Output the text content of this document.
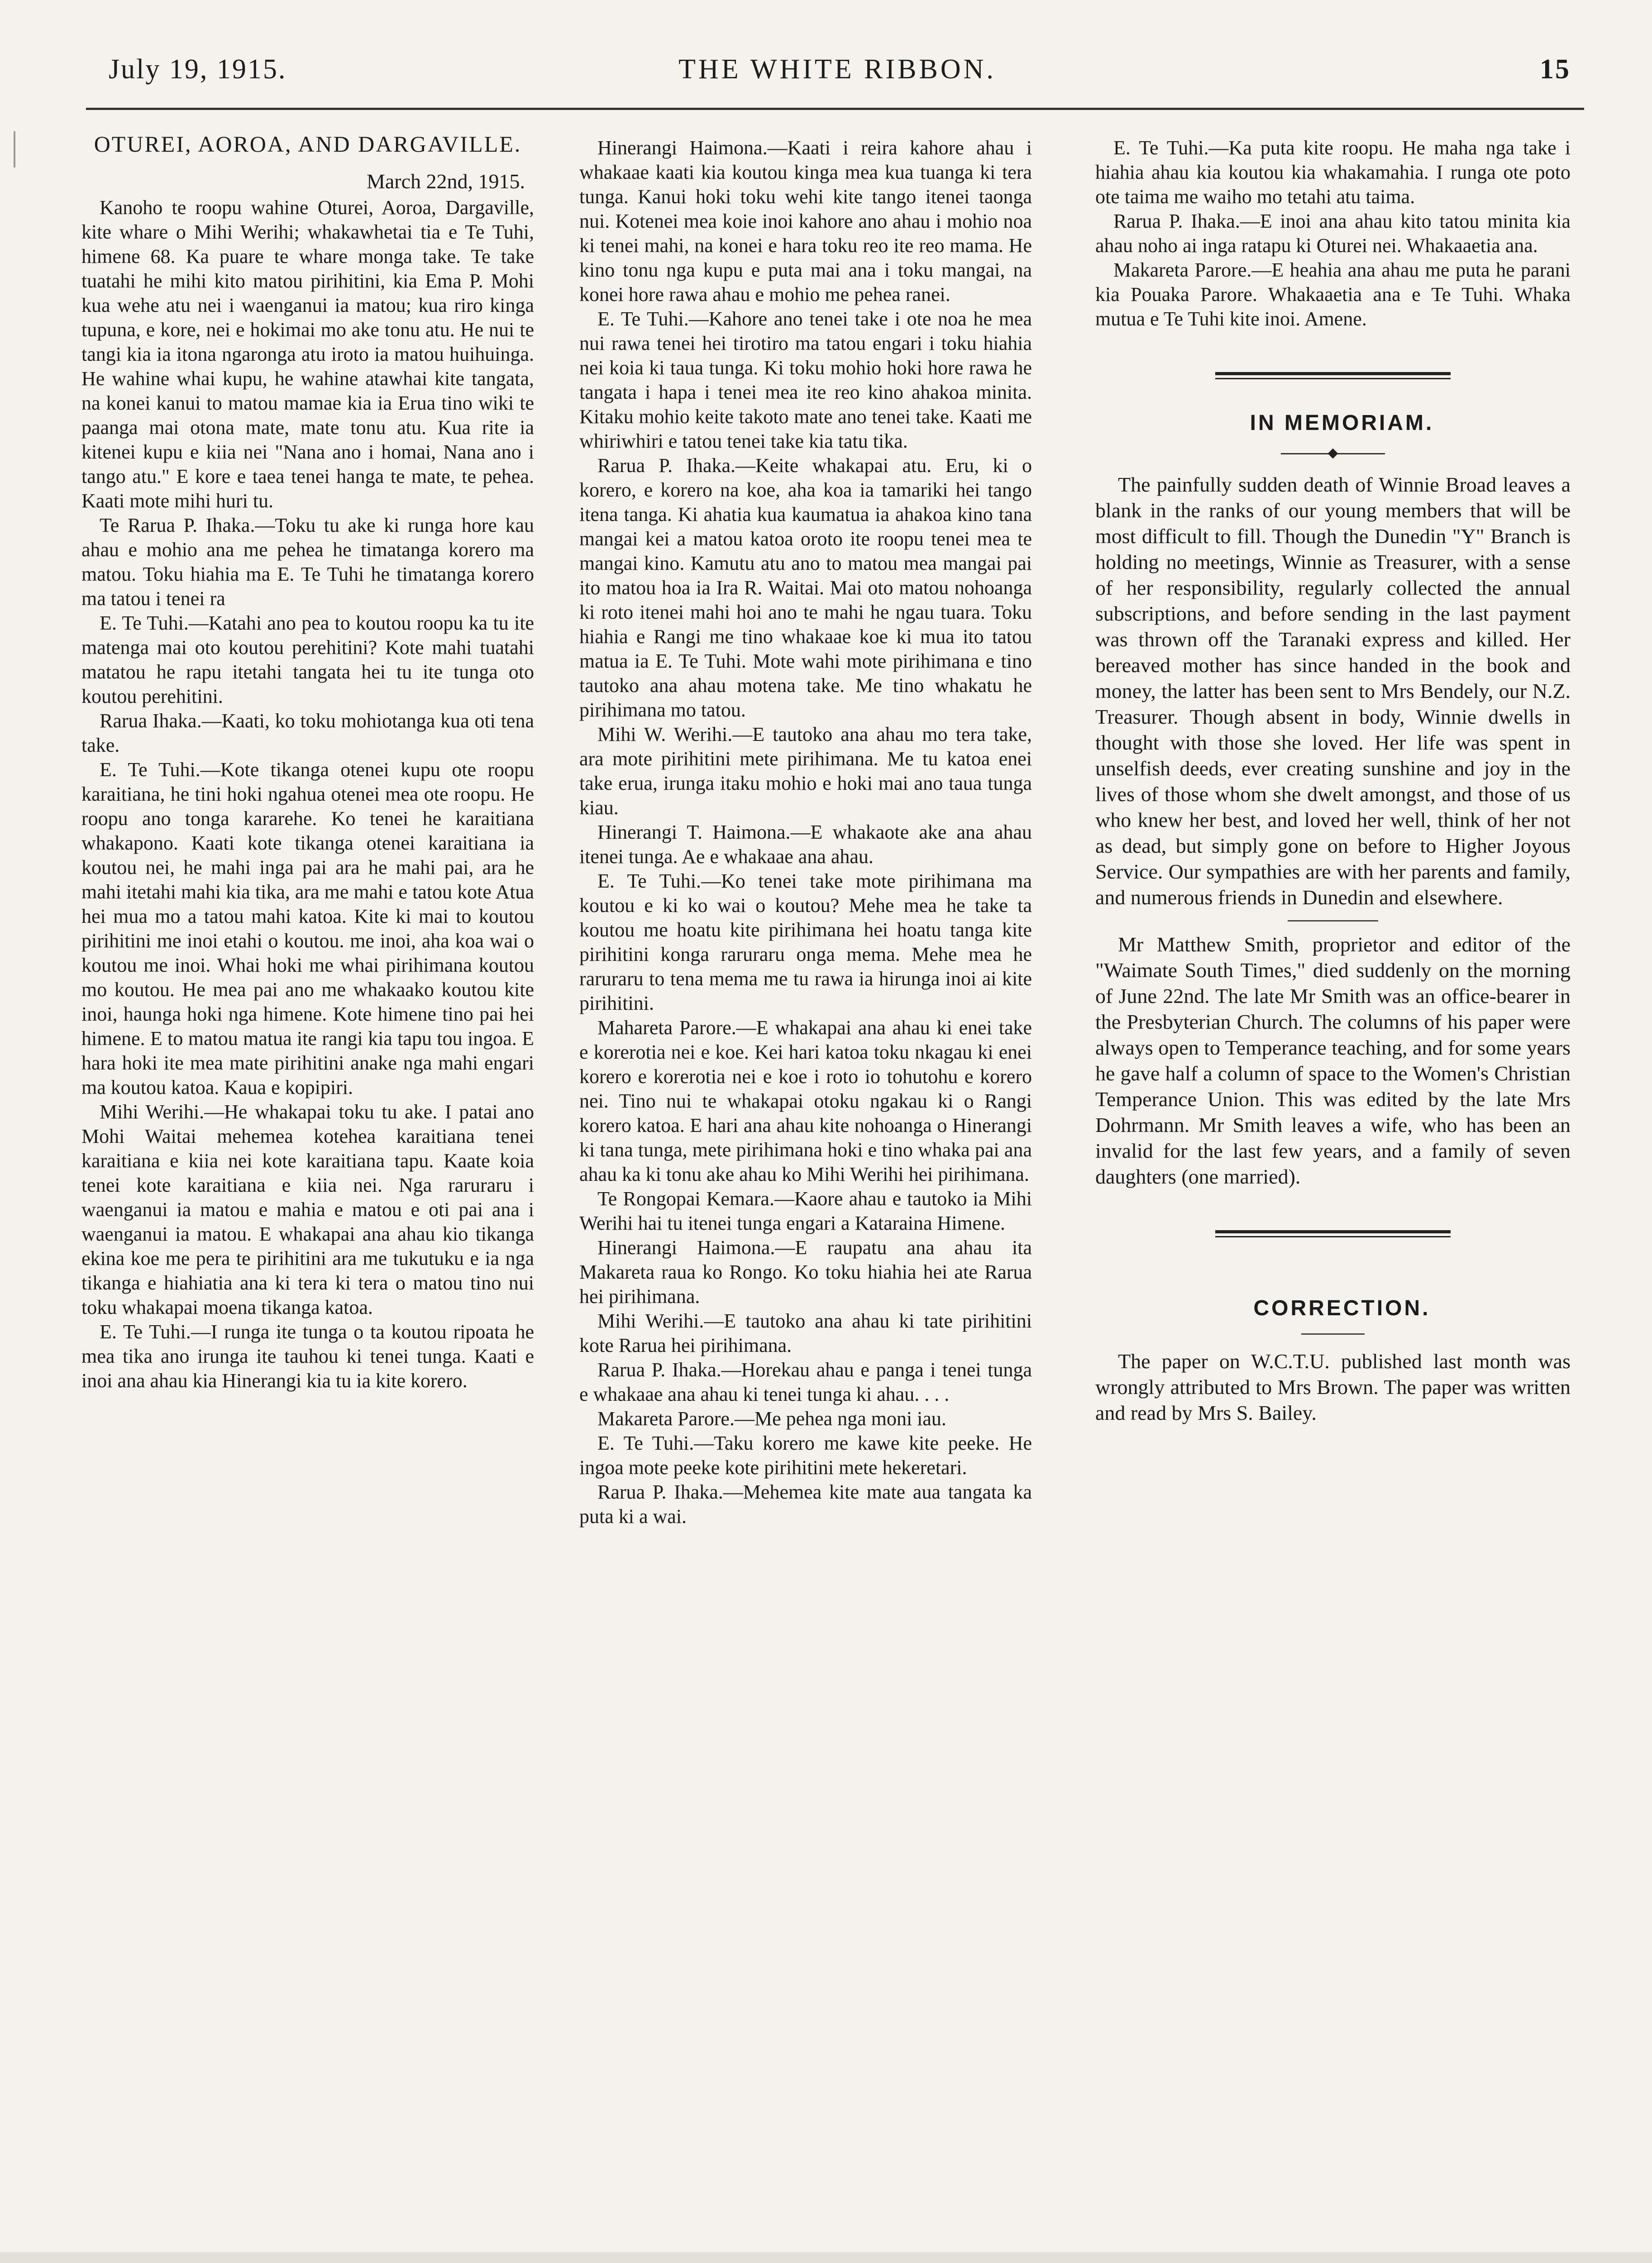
July 19, 1915.	THE WHITE RIBBON.	15

OTUREI, AOROA, AND DARGAVILLE.

March 22nd, 1915.

Kanoho te roopu wahine Oturei, Aoroa, Dargaville, kite whare o Mihi Werihi; whakawhetai tia e Te Tuhi, himene 68. Ka puare te whare monga take. Te take tuatahi he mihi kito matou pirihitini, kia Ema P. Mohi kua wehe atu nei i waenganui ia matou; kua riro kinga tupuna, e kore, nei e hokimai mo ake tonu atu. He nui te tangi kia ia itona ngaronga atu iroto ia matou huihuinga. He wahine whai kupu, he wahine atawhai kite tangata, na konei kanui to matou mamae kia ia Erua tino wiki te paanga mai otona mate, mate tonu atu. Kua rite ia kitenei kupu e kiia nei "Nana ano i homai, Nana ano i tango atu." E kore e taea tenei hanga te mate, te pehea. Kaati mote mihi huri tu.

Te Rarua P. Ihaka.—Toku tu ake ki runga hore kau ahau e mohio ana me pehea he timatanga korero ma matou. Toku hiahia ma E. Te Tuhi he timatanga korero ma tatou i tenei ra

E. Te Tuhi.—Katahi ano pea to koutou roopu ka tu ite matenga mai oto koutou perehitini? Kote mahi tuatahi matatou he rapu itetahi tangata hei tu ite tunga oto koutou perehitini.

Rarua Ihaka.—Kaati, ko toku mohiotanga kua oti tena take.

E. Te Tuhi.—Kote tikanga otenei kupu ote roopu karaitiana, he tini hoki ngahua otenei mea ote roopu. He roopu ano tonga kararehe. Ko tenei he karaitiana whakapono. Kaati kote tikanga otenei karaitiana ia koutou nei, he mahi inga pai ara he mahi pai, ara he mahi itetahi mahi kia tika, ara me mahi e tatou kote Atua hei mua mo a tatou mahi katoa. Kite ki mai to koutou pirihitini me inoi etahi o koutou. me inoi, aha koa wai o koutou me inoi. Whai hoki me whai pirihimana koutou mo koutou. He mea pai ano me whakaako koutou kite inoi, haunga hoki nga himene. Kote himene tino pai hei himene. E to matou matua ite rangi kia tapu tou ingoa. E hara hoki ite mea mate pirihitini anake nga mahi engari ma koutou katoa. Kaua e kopipiri.

Mihi Werihi.—He whakapai toku tu ake. I patai ano Mohi Waitai mehemea kotehea karaitiana tenei karaitiana e kiia nei kote karaitiana tapu. Kaate koia tenei kote karaitiana e kiia nei. Nga raruraru i waenganui ia matou e mahia e matou e oti pai ana i waenganui ia matou. E whakapai ana ahau kio tikanga ekina koe me pera te pirihitini ara me tukutuku e ia nga tikanga e hiahiatia ana ki tera ki tera o matou tino nui toku whakapai moena tikanga katoa.

E. Te Tuhi.—I runga ite tunga o ta koutou ripoata he mea tika ano irunga ite tauhou ki tenei tunga. Kaati e inoi ana ahau kia Hinerangi kia tu ia kite korero.

Hinerangi Haimona.—Kaati i reira kahore ahau i whakaae kaati kia koutou kinga mea kua tuanga ki tera tunga. Kanui hoki toku wehi kite tango itenei taonga nui. Kotenei mea koie inoi kahore ano ahau i mohio noa ki tenei mahi, na konei e hara toku reo ite reo mama. He kino tonu nga kupu e puta mai ana i toku mangai, na konei hore rawa ahau e mohio me pehea ranei.

E. Te Tuhi.—Kahore ano tenei take i ote noa he mea nui rawa tenei hei tirotiro ma tatou engari i toku hiahia nei koia ki taua tunga. Ki toku mohio hoki hore rawa he tangata i hapa i tenei mea ite reo kino ahakoa minita. Kitaku mohio keite takoto mate ano tenei take. Kaati me whiriwhiri e tatou tenei take kia tatu tika.

Rarua P. Ihaka.—Keite whakapai atu. Eru, ki o korero, e korero na koe, aha koa ia tamariki hei tango itena tanga. Ki ahatia kua kaumatua ia ahakoa kino tana mangai kei a matou katoa oroto ite roopu tenei mea te mangai kino. Kamutu atu ano to matou mea mangai pai ito matou hoa ia Ira R. Waitai. Mai oto matou nohoanga ki roto itenei mahi hoi ano te mahi he ngau tuara. Toku hiahia e Rangi me tino whakaae koe ki mua ito tatou matua ia E. Te Tuhi. Mote wahi mote pirihimana e tino tautoko ana ahau motena take. Me tino whakatu he pirihimana mo tatou.

Mihi W. Werihi.—E tautoko ana ahau mo tera take, ara mote pirihitini mete pirihimana. Me tu katoa enei take erua, irunga itaku mohio e hoki mai ano taua tunga kiau.

Hinerangi T. Haimona.—E whakaote ake ana ahau itenei tunga. Ae e whakaae ana ahau.

E. Te Tuhi.—Ko tenei take mote pirihimana ma koutou e ki ko wai o koutou? Mehe mea he take ta koutou me hoatu kite pirihimana hei hoatu tanga kite pirihitini konga raruraru onga mema. Mehe mea he raruraru to tena mema me tu rawa ia hirunga inoi ai kite pirihitini.

Mahareta Parore.—E whakapai ana ahau ki enei take e korerotia nei e koe. Kei hari katoa toku nkagau ki enei korero e korerotia nei e koe i roto io tohutohu e korero nei. Tino nui te whakapai otoku ngakau ki o Rangi korero katoa. E hari ana ahau kite nohoanga o Hinerangi ki tana tunga, mete pirihimana hoki e tino whaka pai ana ahau ka ki tonu ake ahau ko Mihi Werihi hei pirihimana.

Te Rongopai Kemara.—Kaore ahau e tautoko ia Mihi Werihi hai tu itenei tunga engari a Kataraina Himene.

Hinerangi Haimona.—E raupatu ana ahau ita Makareta raua ko Rongo. Ko toku hiahia hei ate Rarua hei pirihimana.

Mihi Werihi.—E tautoko ana ahau ki tate pirihitini kote Rarua hei pirihimana.

Rarua P. Ihaka.—Horekau ahau e panga i tenei tunga e whakaae ana ahau ki tenei tunga ki ahau. . . .

Makareta Parore.—Me pehea nga moni iau.

E. Te Tuhi.—Taku korero me kawe kite peeke. He ingoa mote peeke kote pirihitini mete hekeretari.

Rarua P. Ihaka.—Mehemea kite mate aua tangata ka puta ki a wai.

E. Te Tuhi.—Ka puta kite roopu. He maha nga take i hiahia ahau kia koutou kia whakamahia. I runga ote poto ote taima me waiho mo tetahi atu taima.

Rarua P. Ihaka.—E inoi ana ahau kito tatou minita kia ahau noho ai inga ratapu ki Oturei nei. Whakaaetia ana.

Makareta Parore.—E heahia ana ahau me puta he parani kia Pouaka Parore. Whakaaetia ana e Te Tuhi. Whaka mutua e Te Tuhi kite inoi. Amene.

IN MEMORIAM.

The painfully sudden death of Winnie Broad leaves a blank in the ranks of our young members that will be most difficult to fill. Though the Dunedin "Y" Branch is holding no meetings, Winnie as Treasurer, with a sense of her responsibility, regularly collected the annual subscriptions, and before sending in the last payment was thrown off the Taranaki express and killed. Her bereaved mother has since handed in the book and money, the latter has been sent to Mrs Bendely, our N.Z. Treasurer. Though absent in body, Winnie dwells in thought with those she loved. Her life was spent in unselfish deeds, ever creating sunshine and joy in the lives of those whom she dwelt amongst, and those of us who knew her best, and loved her well, think of her not as dead, but simply gone on before to Higher Joyous Service. Our sympathies are with her parents and family, and numerous friends in Dunedin and elsewhere.

Mr Matthew Smith, proprietor and editor of the "Waimate South Times," died suddenly on the morning of June 22nd. The late Mr Smith was an office-bearer in the Presbyterian Church. The columns of his paper were always open to Temperance teaching, and for some years he gave half a column of space to the Women's Christian Temperance Union. This was edited by the late Mrs Dohrmann. Mr Smith leaves a wife, who has been an invalid for the last few years, and a family of seven daughters (one married).

CORRECTION.

The paper on W.C.T.U. published last month was wrongly attributed to Mrs Brown. The paper was written and read by Mrs S. Bailey.
